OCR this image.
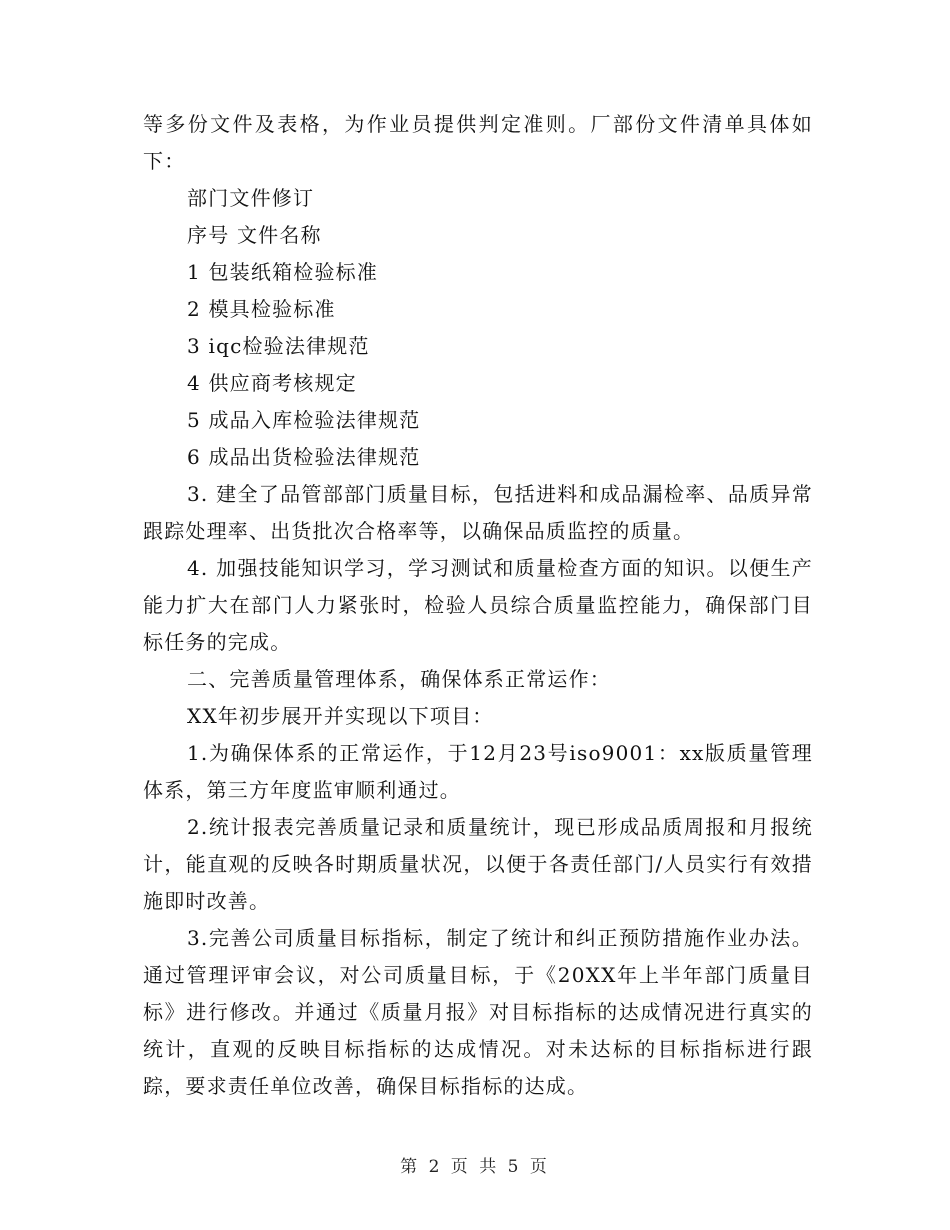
等多份文件及表格，为作业员提供判定准则。厂部份文件清单具体如下：

部门文件修订

序号 文件名称

1 包装纸箱检验标准

2 模具检验标准

3 iqc检验法律规范

4 供应商考核规定

5 成品入库检验法律规范

6 成品出货检验法律规范

3. 建全了品管部部门质量目标，包括进料和成品漏检率、品质异常跟踪处理率、出货批次合格率等，以确保品质监控的质量。

4. 加强技能知识学习，学习测试和质量检查方面的知识。以便生产能力扩大在部门人力紧张时，检验人员综合质量监控能力，确保部门目标任务的完成。

二、完善质量管理体系，确保体系正常运作：

XX年初步展开并实现以下项目：

1.为确保体系的正常运作，于12月23号iso9001：xx版质量管理体系，第三方年度监审顺利通过。

2.统计报表完善质量记录和质量统计，现已形成品质周报和月报统计，能直观的反映各时期质量状况，以便于各责任部门/人员实行有效措施即时改善。

3.完善公司质量目标指标，制定了统计和纠正预防措施作业办法。通过管理评审会议，对公司质量目标，于《20XX年上半年部门质量目标》进行修改。并通过《质量月报》对目标指标的达成情况进行真实的统计，直观的反映目标指标的达成情况。对未达标的目标指标进行跟踪，要求责任单位改善，确保目标指标的达成。

第 2 页 共 5 页
